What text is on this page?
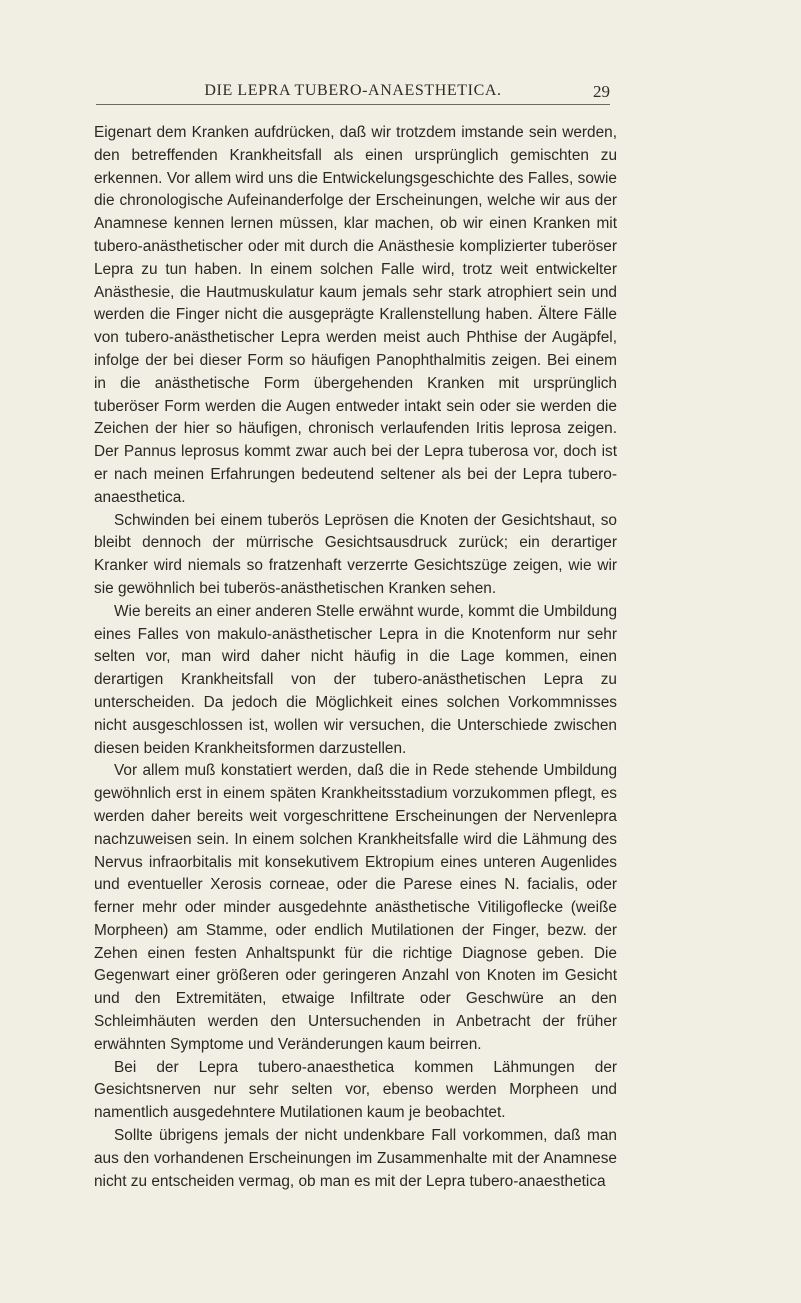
DIE LEPRA TUBERO-ANAESTHETICA.	29

Eigenart dem Kranken aufdrücken, daß wir trotzdem imstande sein werden, den betreffenden Krankheitsfall als einen ursprünglich gemischten zu erkennen. Vor allem wird uns die Entwickelungsgeschichte des Falles, sowie die chronologische Aufeinanderfolge der Erscheinungen, welche wir aus der Anamnese kennen lernen müssen, klar machen, ob wir einen Kranken mit tubero-anästhetischer oder mit durch die Anästhesie komplizierter tuberöser Lepra zu tun haben. In einem solchen Falle wird, trotz weit entwickelter Anästhesie, die Hautmuskulatur kaum jemals sehr stark atrophiert sein und werden die Finger nicht die ausgeprägte Krallenstellung haben. Ältere Fälle von tubero-anästhetischer Lepra werden meist auch Phthise der Augäpfel, infolge der bei dieser Form so häufigen Panophthalmitis zeigen. Bei einem in die anästhetische Form übergehenden Kranken mit ursprünglich tuberöser Form werden die Augen entweder intakt sein oder sie werden die Zeichen der hier so häufigen, chronisch verlaufenden Iritis leprosa zeigen. Der Pannus leprosus kommt zwar auch bei der Lepra tuberosa vor, doch ist er nach meinen Erfahrungen bedeutend seltener als bei der Lepra tubero-anaesthetica.

Schwinden bei einem tuberös Leprösen die Knoten der Gesichtshaut, so bleibt dennoch der mürrische Gesichtsausdruck zurück; ein derartiger Kranker wird niemals so fratzenhaft verzerrte Gesichtszüge zeigen, wie wir sie gewöhnlich bei tuberös-anästhetischen Kranken sehen.

Wie bereits an einer anderen Stelle erwähnt wurde, kommt die Umbildung eines Falles von makulo-anästhetischer Lepra in die Knotenform nur sehr selten vor, man wird daher nicht häufig in die Lage kommen, einen derartigen Krankheitsfall von der tubero-anästhetischen Lepra zu unterscheiden. Da jedoch die Möglichkeit eines solchen Vorkommnisses nicht ausgeschlossen ist, wollen wir versuchen, die Unterschiede zwischen diesen beiden Krankheitsformen darzustellen.

Vor allem muß konstatiert werden, daß die in Rede stehende Umbildung gewöhnlich erst in einem späten Krankheitsstadium vorzukommen pflegt, es werden daher bereits weit vorgeschrittene Erscheinungen der Nervenlepra nachzuweisen sein. In einem solchen Krankheitsfalle wird die Lähmung des Nervus infraorbitalis mit konsekutivem Ektropium eines unteren Augenlides und eventueller Xerosis corneae, oder die Parese eines N. facialis, oder ferner mehr oder minder ausgedehnte anästhetische Vitiligoflecke (weiße Morpheen) am Stamme, oder endlich Mutilationen der Finger, bezw. der Zehen einen festen Anhaltspunkt für die richtige Diagnose geben. Die Gegenwart einer größeren oder geringeren Anzahl von Knoten im Gesicht und den Extremitäten, etwaige Infiltrate oder Geschwüre an den Schleimhäuten werden den Untersuchenden in Anbetracht der früher erwähnten Symptome und Veränderungen kaum beirren.

Bei der Lepra tubero-anaesthetica kommen Lähmungen der Gesichtsnerven nur sehr selten vor, ebenso werden Morpheen und namentlich ausgedehntere Mutilationen kaum je beobachtet.

Sollte übrigens jemals der nicht undenkbare Fall vorkommen, daß man aus den vorhandenen Erscheinungen im Zusammenhalte mit der Anamnese nicht zu entscheiden vermag, ob man es mit der Lepra tubero-anaesthetica
